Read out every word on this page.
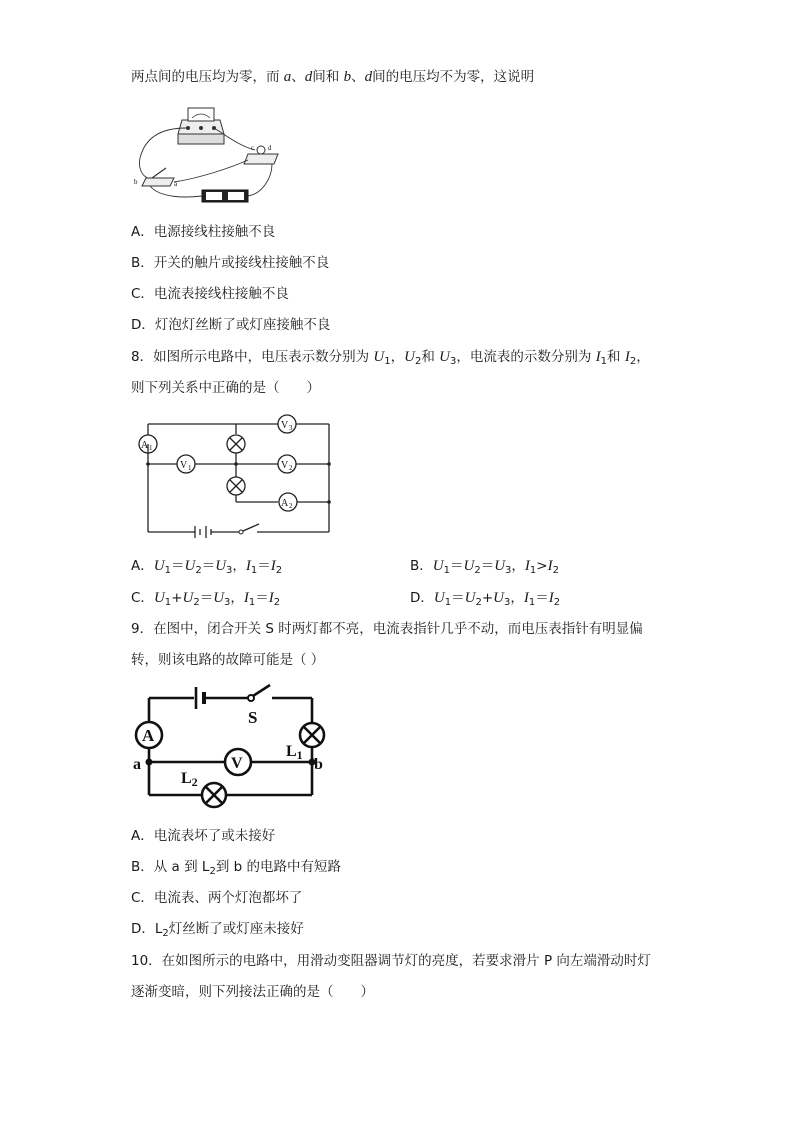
两点间的电压均为零，而 a、d间和 b、d间的电压均不为零，这说明
c d
b	a
A．电源接线柱接触不良
B．开关的触片或接线柱接触不良
C．电流表接线柱接触不良
D．灯泡灯丝断了或灯座接触不良
8．如图所示电路中，电压表示数分别为 $U_1$，$U_2$和 $U_3$，电流表的示数分别为 $I_1$和 $I_2$，
则下列关系中正确的是（　　）
A 1
A 2
V 3
V 1	V 2
A．$U_1=U_2=U_3$，$I_1=I_2$	B．$U_1=U_2=U_3$，$I_1>I_2$
C．$U_1+U_2=U_3$，$I_1=I_2$	D．$U_1=U_2+U_3$，$I_1=I_2$
9．在图中，闭合开关 S 时两灯都不亮，电流表指针几乎不动，而电压表指针有明显偏
转，则该电路的故障可能是（ ）
S
A
L1
a	b
V
L2
A．电流表坏了或未接好
B．从 a 到 $L_2$到 b 的电路中有短路
C．电流表、两个灯泡都坏了
D．$L_2$灯丝断了或灯座未接好
10．在如图所示的电路中，用滑动变阻器调节灯的亮度，若要求滑片 P 向左端滑动时灯
逐渐变暗，则下列接法正确的是（　　）
